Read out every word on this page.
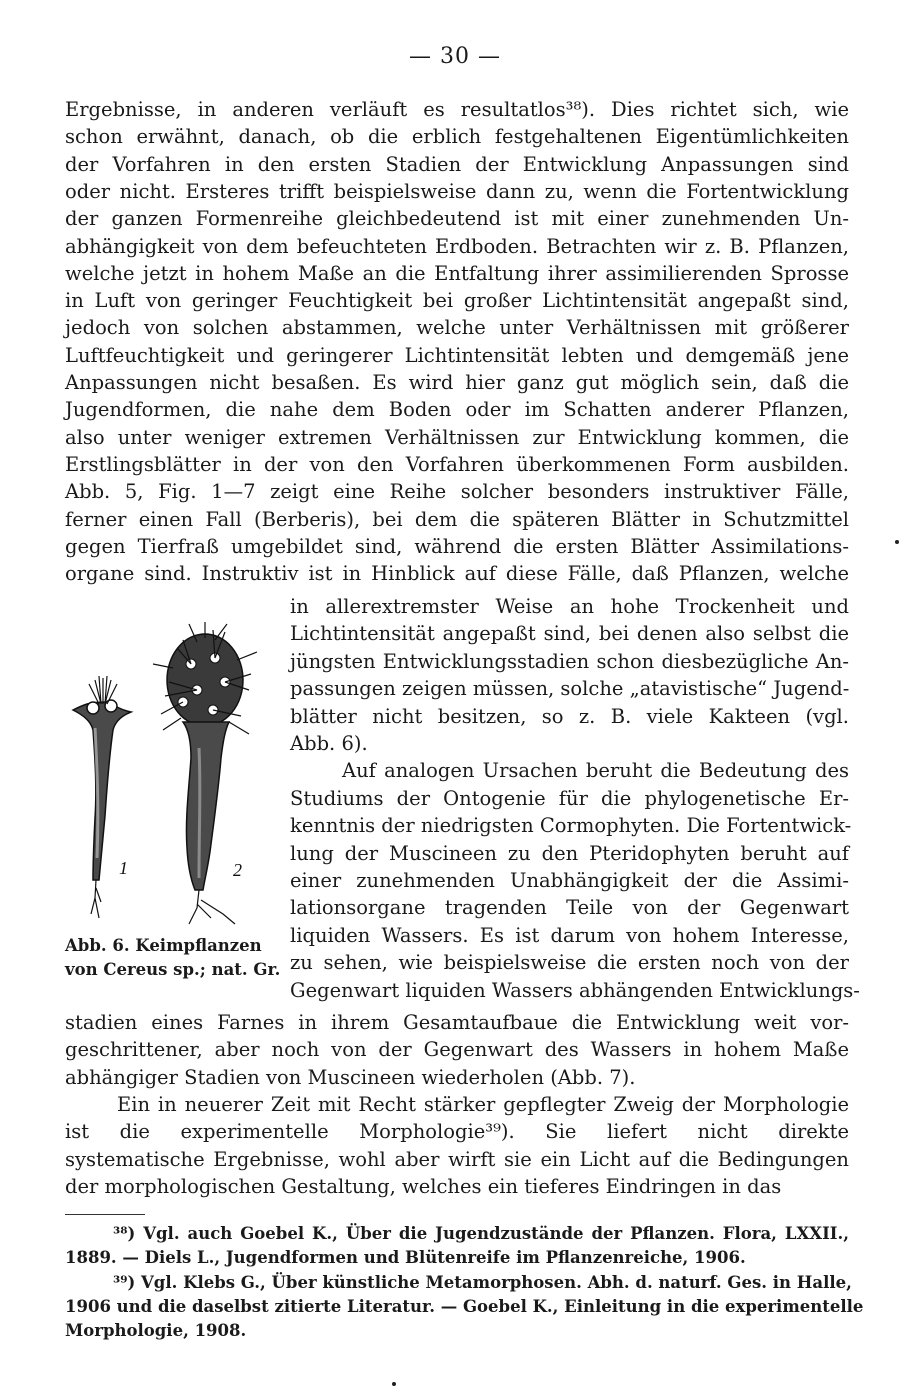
— 30 —
Ergebnisse, in anderen verläuft es resultatlos³⁸). Dies richtet sich, wie
schon erwähnt, danach, ob die erblich festgehaltenen Eigentümlichkeiten
der Vorfahren in den ersten Stadien der Entwicklung Anpassungen sind
oder nicht. Ersteres trifft beispielsweise dann zu, wenn die Fortentwicklung
der ganzen Formenreihe gleichbedeutend ist mit einer zunehmenden Un-
abhängigkeit von dem befeuchteten Erdboden. Betrachten wir z. B. Pflanzen,
welche jetzt in hohem Maße an die Entfaltung ihrer assimilierenden Sprosse
in Luft von geringer Feuchtigkeit bei großer Lichtintensität angepaßt sind,
jedoch von solchen abstammen, welche unter Verhältnissen mit größerer
Luftfeuchtigkeit und geringerer Lichtintensität lebten und demgemäß jene
Anpassungen nicht besaßen. Es wird hier ganz gut möglich sein, daß die
Jugendformen, die nahe dem Boden oder im Schatten anderer Pflanzen,
also unter weniger extremen Verhältnissen zur Entwicklung kommen, die
Erstlingsblätter in der von den Vorfahren überkommenen Form ausbilden.
Abb. 5, Fig. 1—7 zeigt eine Reihe solcher besonders instruktiver Fälle,
ferner einen Fall (Berberis), bei dem die späteren Blätter in Schutzmittel
gegen Tierfraß umgebildet sind, während die ersten Blätter Assimilations-
organe sind. Instruktiv ist in Hinblick auf diese Fälle, daß Pflanzen, welche
in allerextremster Weise an hohe Trockenheit und
Lichtintensität angepaßt sind, bei denen also selbst die
jüngsten Entwicklungsstadien schon diesbezügliche An-
passungen zeigen müssen, solche „atavistische“ Jugend-
blätter nicht besitzen, so z. B. viele Kakteen (vgl.
Abb. 6).
Auf analogen Ursachen beruht die Bedeutung des
Studiums der Ontogenie für die phylogenetische Er-
kenntnis der niedrigsten Cormophyten. Die Fortentwick-
lung der Muscineen zu den Pteridophyten beruht auf
einer zunehmenden Unabhängigkeit der die Assimi-
lationsorgane tragenden Teile von der Gegenwart
liquiden Wassers. Es ist darum von hohem Interesse,
zu sehen, wie beispielsweise die ersten noch von der
Gegenwart liquiden Wassers abhängenden Entwicklungs-
stadien eines Farnes in ihrem Gesamtaufbaue die Entwicklung weit vor-
geschrittener, aber noch von der Gegenwart des Wassers in hohem Maße
abhängiger Stadien von Muscineen wiederholen (Abb. 7).
Ein in neuerer Zeit mit Recht stärker gepflegter Zweig der Morphologie
ist die experimentelle Morphologie³⁹). Sie liefert nicht direkte
systematische Ergebnisse, wohl aber wirft sie ein Licht auf die Bedingungen
der morphologischen Gestaltung, welches ein tieferes Eindringen in das
1	2
Abb. 6. Keimpflanzen
von Cereus sp.; nat. Gr.
³⁸) Vgl. auch Goebel K., Über die Jugendzustände der Pflanzen. Flora, LXXII.,
1889. — Diels L., Jugendformen und Blütenreife im Pflanzenreiche, 1906.
³⁹) Vgl. Klebs G., Über künstliche Metamorphosen. Abh. d. naturf. Ges. in Halle,
1906 und die daselbst zitierte Literatur. — Goebel K., Einleitung in die experimentelle
Morphologie, 1908.
